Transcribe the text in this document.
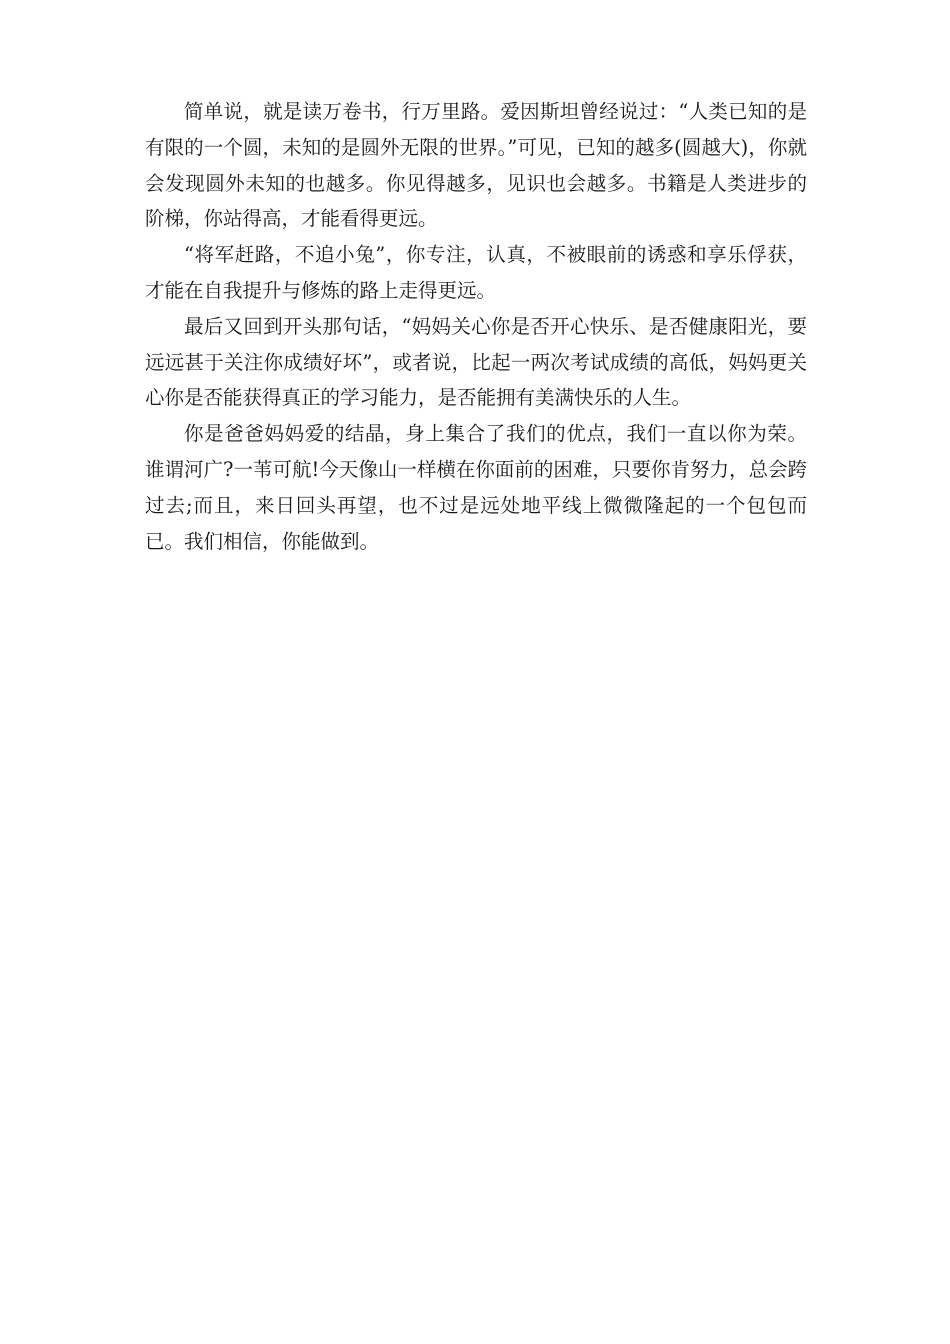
简单说，就是读万卷书，行万里路。爱因斯坦曾经说过：“人类已知的是有限的一个圆，未知的是圆外无限的世界。”可见，已知的越多(圆越大)，你就会发现圆外未知的也越多。你见得越多，见识也会越多。书籍是人类进步的阶梯，你站得高，才能看得更远。

“将军赶路，不追小兔”，你专注，认真，不被眼前的诱惑和享乐俘获，才能在自我提升与修炼的路上走得更远。

最后又回到开头那句话，“妈妈关心你是否开心快乐、是否健康阳光，要远远甚于关注你成绩好坏”，或者说，比起一两次考试成绩的高低，妈妈更关心你是否能获得真正的学习能力，是否能拥有美满快乐的人生。

你是爸爸妈妈爱的结晶，身上集合了我们的优点，我们一直以你为荣。谁谓河广?一苇可航!今天像山一样横在你面前的困难，只要你肯努力，总会跨过去;而且，来日回头再望，也不过是远处地平线上微微隆起的一个包包而已。我们相信，你能做到。
